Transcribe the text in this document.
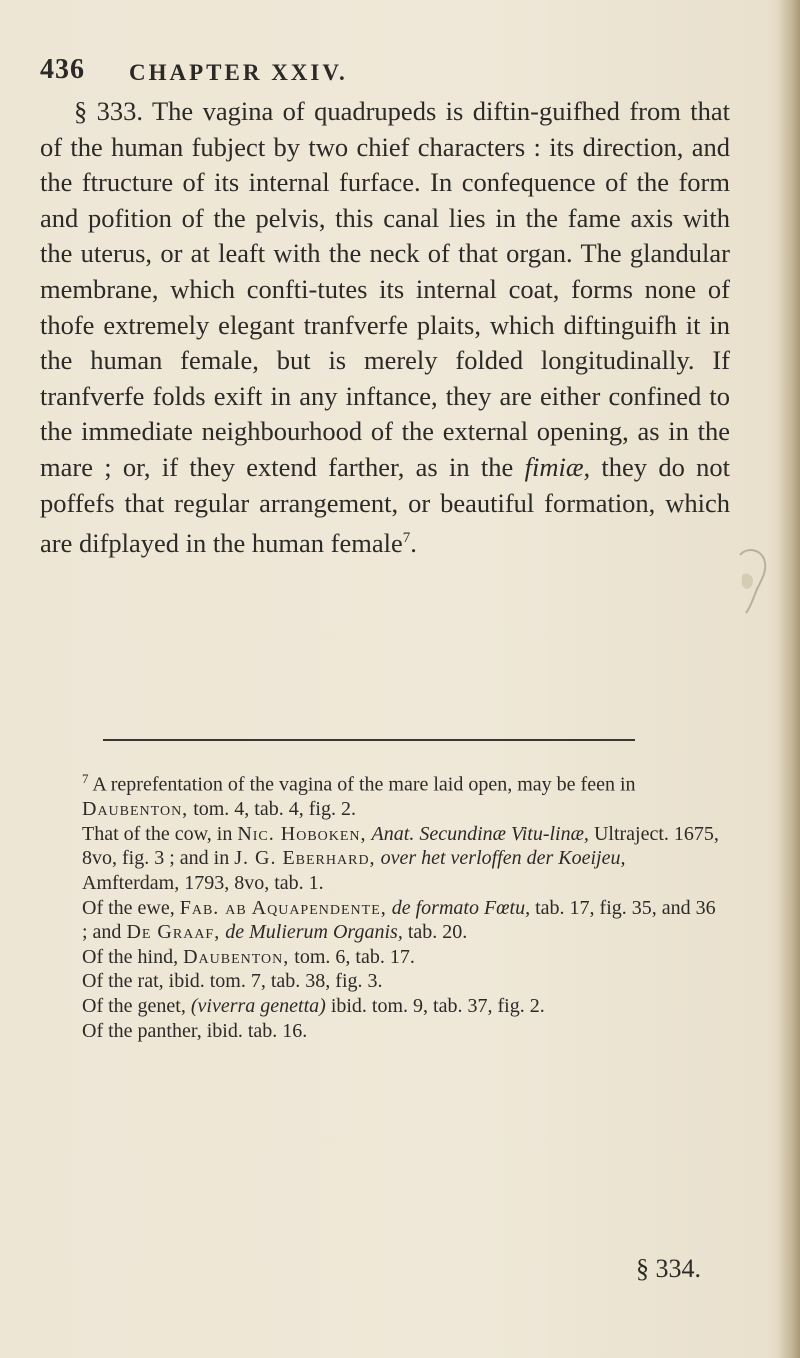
436 CHAPTER XXIV.

§ 333. The vagina of quadrupeds is diftin-guifhed from that of the human fubject by two chief characters : its direction, and the ftructure of its internal furface. In confequence of the form and pofition of the pelvis, this canal lies in the fame axis with the uterus, or at leaft with the neck of that organ. The glandular membrane, which confti-tutes its internal coat, forms none of thofe extremely elegant tranfverfe plaits, which diftinguifh it in the human female, but is merely folded longitudinally. If tranfverfe folds exift in any inftance, they are either confined to the immediate neighbourhood of the external opening, as in the mare ; or, if they extend farther, as in the fimiæ, they do not poffefs that regular arrangement, or beautiful formation, which are difplayed in the human female$^7$.

$^7$ A reprefentation of the vagina of the mare laid open, may be feen in Daubenton, tom. 4, tab. 4, fig. 2.
That of the cow, in Nic. Hoboken, Anat. Secundinæ Vitu-linæ, Ultraject. 1675, 8vo, fig. 3 ; and in J. G. Eberhard, over het verloffen der Koeijeu, Amfterdam, 1793, 8vo, tab. 1.

Of the ewe, Fab. ab Aquapendente, de formato Fœtu, tab. 17, fig. 35, and 36 ; and De Graaf, de Mulierum Organis, tab. 20.

Of the hind, Daubenton, tom. 6, tab. 17.

Of the rat, ibid. tom. 7, tab. 38, fig. 3.

Of the genet, (viverra genetta) ibid. tom. 9, tab. 37, fig. 2.

Of the panther, ibid. tab. 16.

§ 334.
